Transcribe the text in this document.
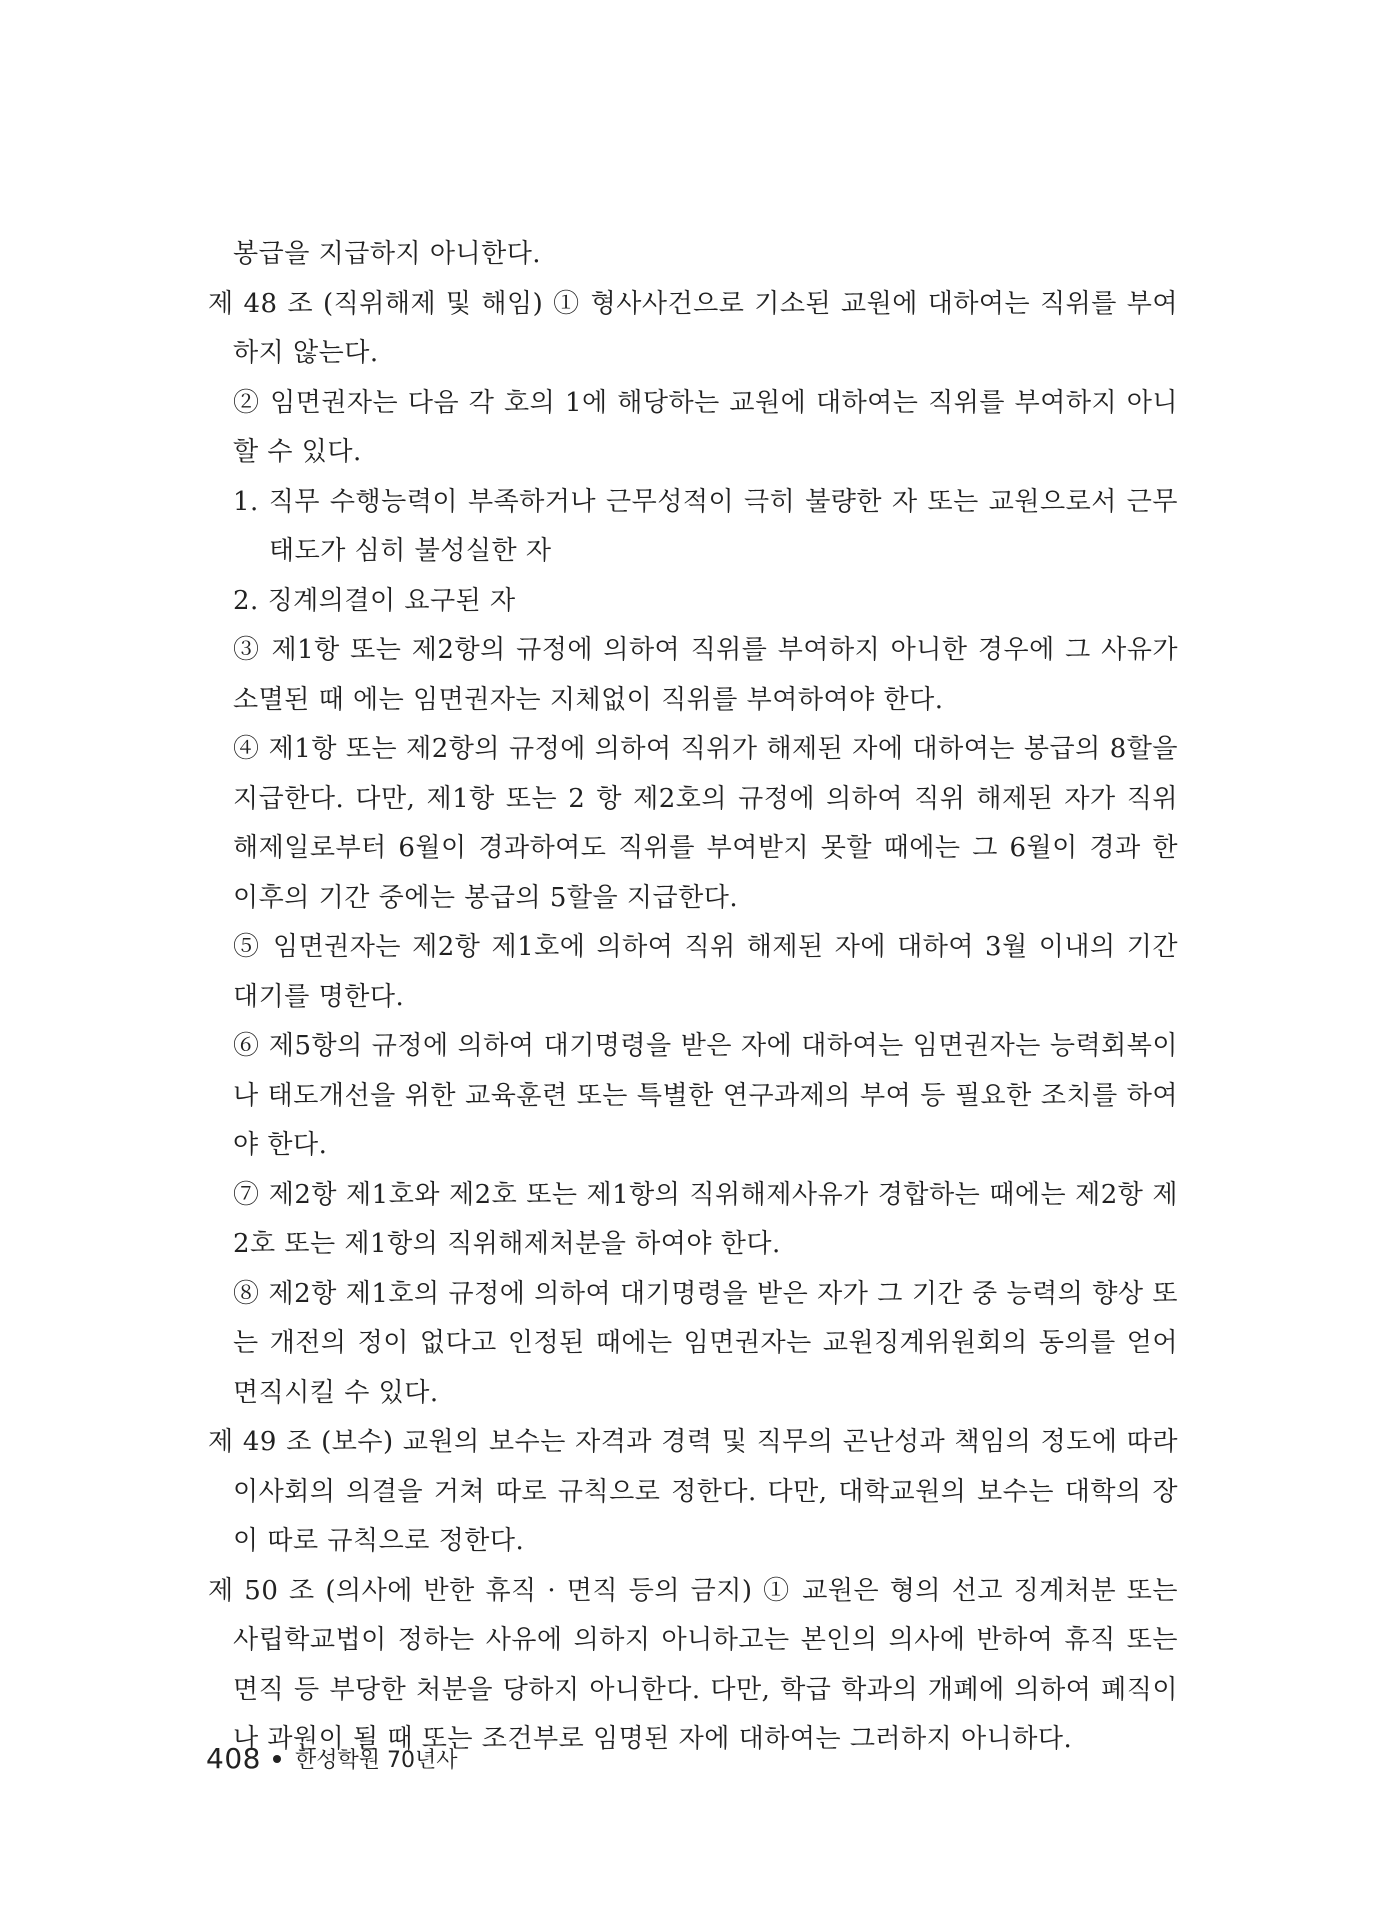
봉급을 지급하지 아니한다.

제 48 조 (직위해제 및 해임) ① 형사사건으로 기소된 교원에 대하여는 직위를 부여 하지 않는다.

② 임면권자는 다음 각 호의 1에 해당하는 교원에 대하여는 직위를 부여하지 아니 할 수 있다.

1. 직무 수행능력이 부족하거나 근무성적이 극히 불량한 자 또는 교원으로서 근무태도가 심히 불성실한 자

2. 징계의결이 요구된 자

③ 제1항 또는 제2항의 규정에 의하여 직위를 부여하지 아니한 경우에 그 사유가 소멸된 때 에는 임면권자는 지체없이 직위를 부여하여야 한다.

④ 제1항 또는 제2항의 규정에 의하여 직위가 해제된 자에 대하여는 봉급의 8할을 지급한다. 다만, 제1항 또는 2 항 제2호의 규정에 의하여 직위 해제된 자가 직위 해제일로부터 6월이 경과하여도 직위를 부여받지 못할 때에는 그 6월이 경과 한 이후의 기간 중에는 봉급의 5할을 지급한다.

⑤ 임면권자는 제2항 제1호에 의하여 직위 해제된 자에 대하여 3월 이내의 기간 대기를 명한다.

⑥ 제5항의 규정에 의하여 대기명령을 받은 자에 대하여는 임면권자는 능력회복이나 태도개선을 위한 교육훈련 또는 특별한 연구과제의 부여 등 필요한 조치를 하여야 한다.

⑦ 제2항 제1호와 제2호 또는 제1항의 직위해제사유가 경합하는 때에는 제2항 제2호 또는 제1항의 직위해제처분을 하여야 한다.

⑧ 제2항 제1호의 규정에 의하여 대기명령을 받은 자가 그 기간 중 능력의 향상 또는 개전의 정이 없다고 인정된 때에는 임면권자는 교원징계위원회의 동의를 얻어 면직시킬 수 있다.

제 49 조 (보수) 교원의 보수는 자격과 경력 및 직무의 곤난성과 책임의 정도에 따라 이사회의 의결을 거쳐 따로 규칙으로 정한다. 다만, 대학교원의 보수는 대학의 장이 따로 규칙으로 정한다.

제 50 조 (의사에 반한 휴직 · 면직 등의 금지) ① 교원은 형의 선고 징계처분 또는 사립학교법이 정하는 사유에 의하지 아니하고는 본인의 의사에 반하여 휴직 또는 면직 등 부당한 처분을 당하지 아니한다. 다만, 학급 학과의 개폐에 의하여 폐직이나 과원이 될 때 또는 조건부로 임명된 자에 대하여는 그러하지 아니하다.

408 한성학원 70년사
